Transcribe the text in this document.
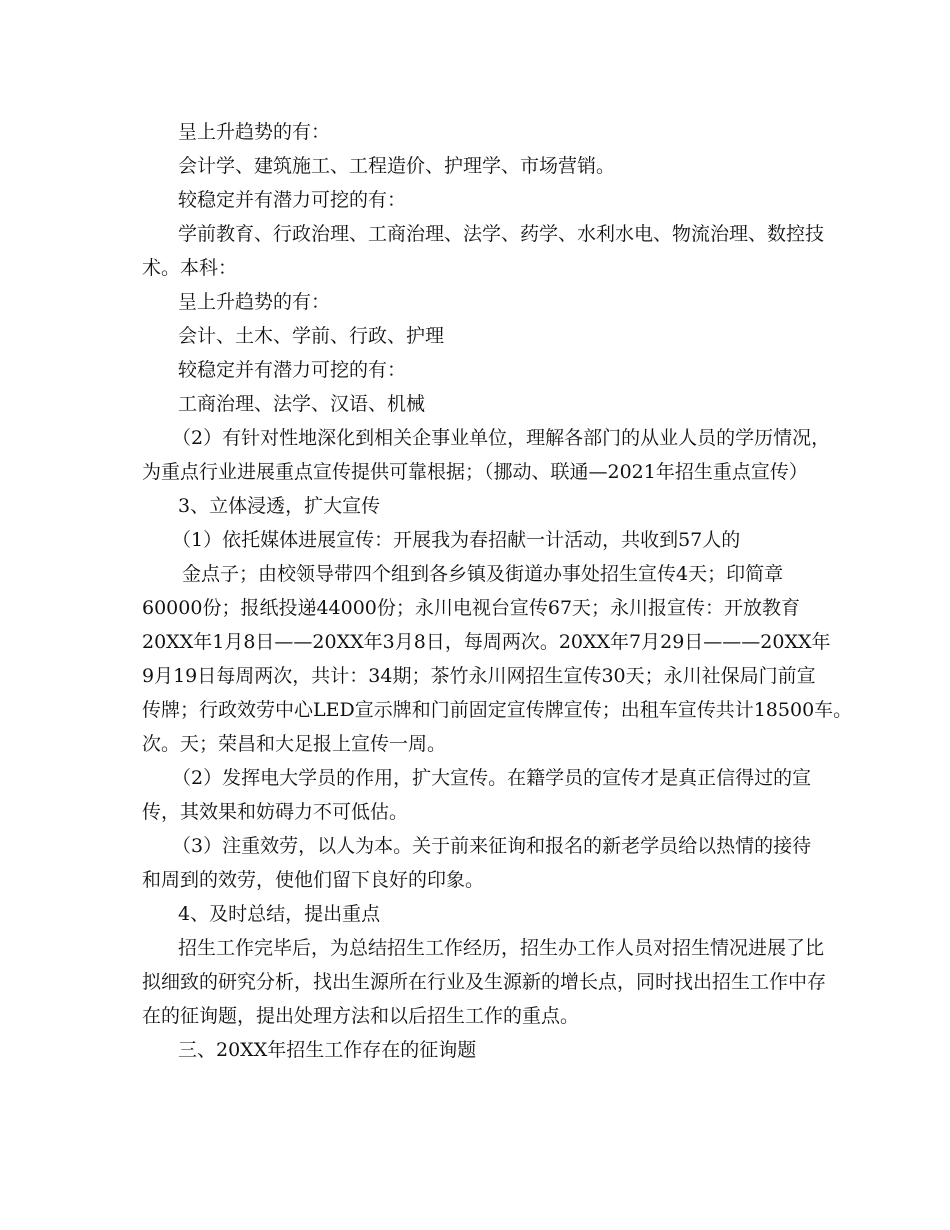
呈上升趋势的有：
会计学、建筑施工、工程造价、护理学、市场营销。
较稳定并有潜力可挖的有：
学前教育、行政治理、工商治理、法学、药学、水利水电、物流治理、数控技
术。本科：
呈上升趋势的有：
会计、土木、学前、行政、护理
较稳定并有潜力可挖的有：
工商治理、法学、汉语、机械
（2）有针对性地深化到相关企事业单位，理解各部门的从业人员的学历情况，
为重点行业进展重点宣传提供可靠根据；（挪动、联通—2021年招生重点宣传）
3、立体浸透，扩大宣传
（1）依托媒体进展宣传：开展我为春招献一计活动，共收到57人的
金点子；由校领导带四个组到各乡镇及街道办事处招生宣传4天；印简章
60000份；报纸投递44000份；永川电视台宣传67天；永川报宣传：开放教育
20XX年1月8日——20XX年3月8日，每周两次。20XX年7月29日———20XX年
9月19日每周两次，共计：34期；茶竹永川网招生宣传30天；永川社保局门前宣
传牌；行政效劳中心LED宣示牌和门前固定宣传牌宣传；出租车宣传共计18500车。
次。天；荣昌和大足报上宣传一周。
（2）发挥电大学员的作用，扩大宣传。在籍学员的宣传才是真正信得过的宣
传，其效果和妨碍力不可低估。
（3）注重效劳，以人为本。关于前来征询和报名的新老学员给以热情的接待
和周到的效劳，使他们留下良好的印象。
4、及时总结，提出重点
招生工作完毕后，为总结招生工作经历，招生办工作人员对招生情况进展了比
拟细致的研究分析，找出生源所在行业及生源新的增长点，同时找出招生工作中存
在的征询题，提出处理方法和以后招生工作的重点。
三、20XX年招生工作存在的征询题
